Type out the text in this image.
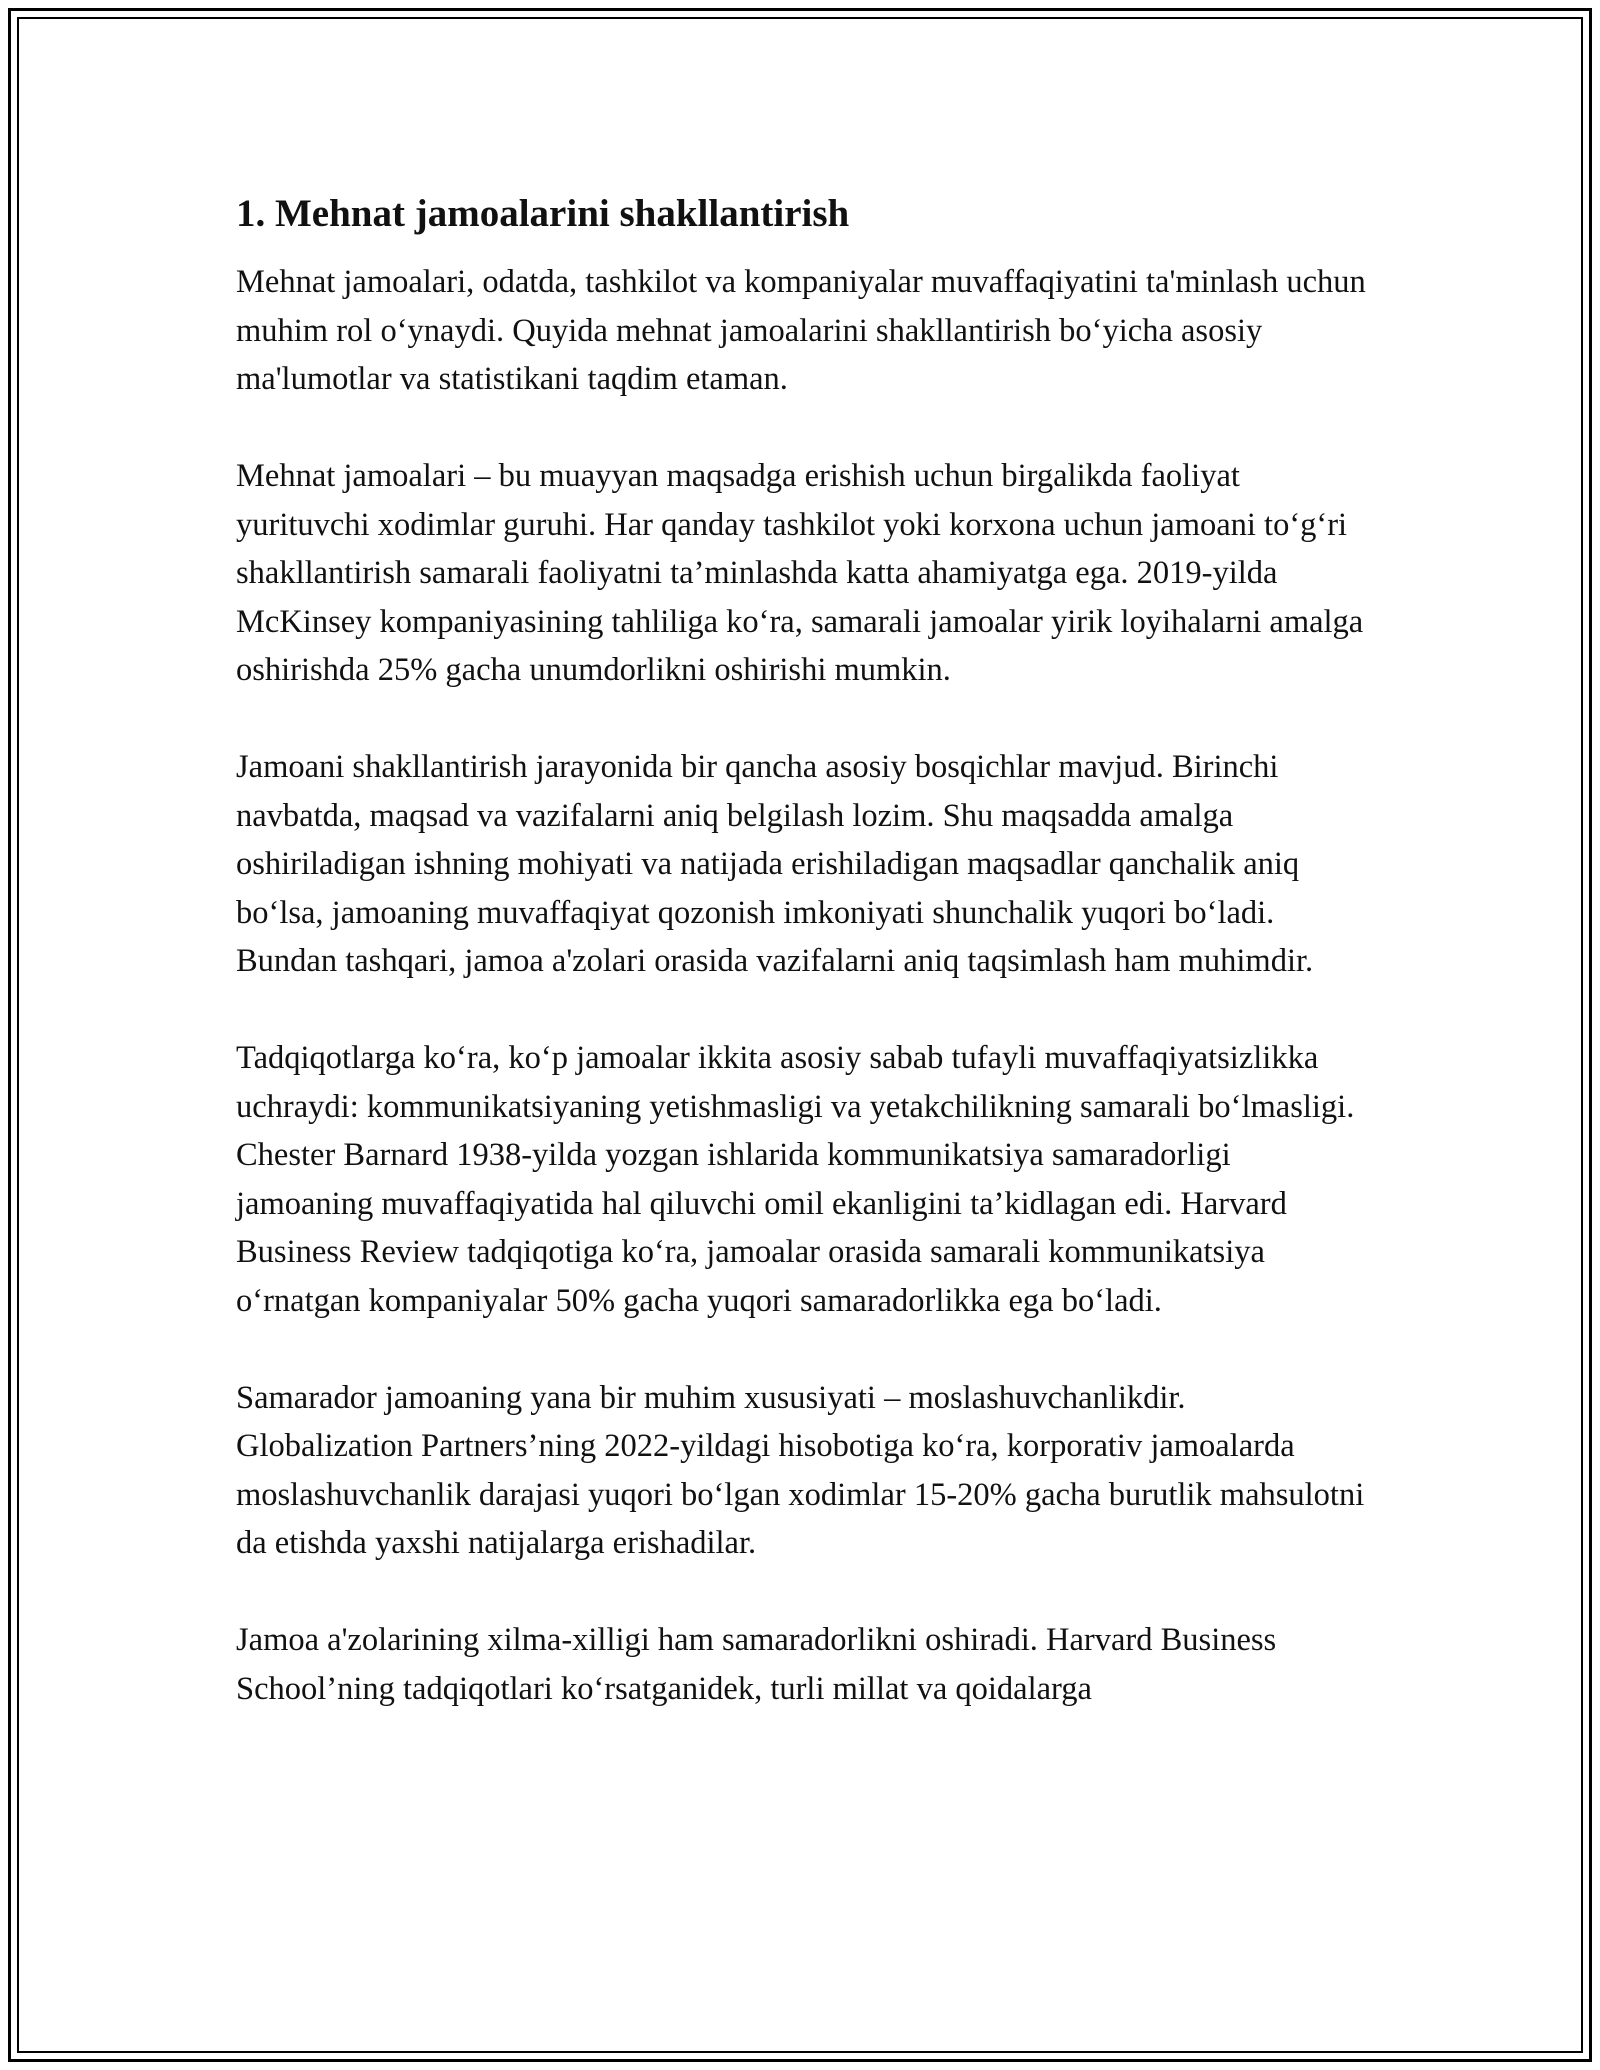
1. Mehnat jamoalarini shakllantirish

Mehnat jamoalari, odatda, tashkilot va kompaniyalar muvaffaqiyatini ta'minlash uchun muhim rol o‘ynaydi. Quyida mehnat jamoalarini shakllantirish bo‘yicha asosiy ma'lumotlar va statistikani taqdim etaman.

Mehnat jamoalari – bu muayyan maqsadga erishish uchun birgalikda faoliyat yurituvchi xodimlar guruhi. Har qanday tashkilot yoki korxona uchun jamoani to‘g‘ri shakllantirish samarali faoliyatni ta’minlashda katta ahamiyatga ega. 2019-yilda McKinsey kompaniyasining tahliliga ko‘ra, samarali jamoalar yirik loyihalarni amalga oshirishda 25% gacha unumdorlikni oshirishi mumkin.

Jamoani shakllantirish jarayonida bir qancha asosiy bosqichlar mavjud. Birinchi navbatda, maqsad va vazifalarni aniq belgilash lozim. Shu maqsadda amalga oshiriladigan ishning mohiyati va natijada erishiladigan maqsadlar qanchalik aniq bo‘lsa, jamoaning muvaffaqiyat qozonish imkoniyati shunchalik yuqori bo‘ladi. Bundan tashqari, jamoa a'zolari orasida vazifalarni aniq taqsimlash ham muhimdir.

Tadqiqotlarga ko‘ra, ko‘p jamoalar ikkita asosiy sabab tufayli muvaffaqiyatsizlikka uchraydi: kommunikatsiyaning yetishmasligi va yetakchilikning samarali bo‘lmasligi. Chester Barnard 1938-yilda yozgan ishlarida kommunikatsiya samaradorligi jamoaning muvaffaqiyatida hal qiluvchi omil ekanligini ta’kidlagan edi. Harvard Business Review tadqiqotiga ko‘ra, jamoalar orasida samarali kommunikatsiya o‘rnatgan kompaniyalar 50% gacha yuqori samaradorlikka ega bo‘ladi.

Samarador jamoaning yana bir muhim xususiyati – moslashuvchanlikdir. Globalization Partners’ning 2022-yildagi hisobotiga ko‘ra, korporativ jamoalarda moslashuvchanlik darajasi yuqori bo‘lgan xodimlar 15-20% gacha burutlik mahsulotni da etishda yaxshi natijalarga erishadilar.

Jamoa a'zolarining xilma-xilligi ham samaradorlikni oshiradi. Harvard Business School’ning tadqiqotlari ko‘rsatganidek, turli millat va qoidalarga
